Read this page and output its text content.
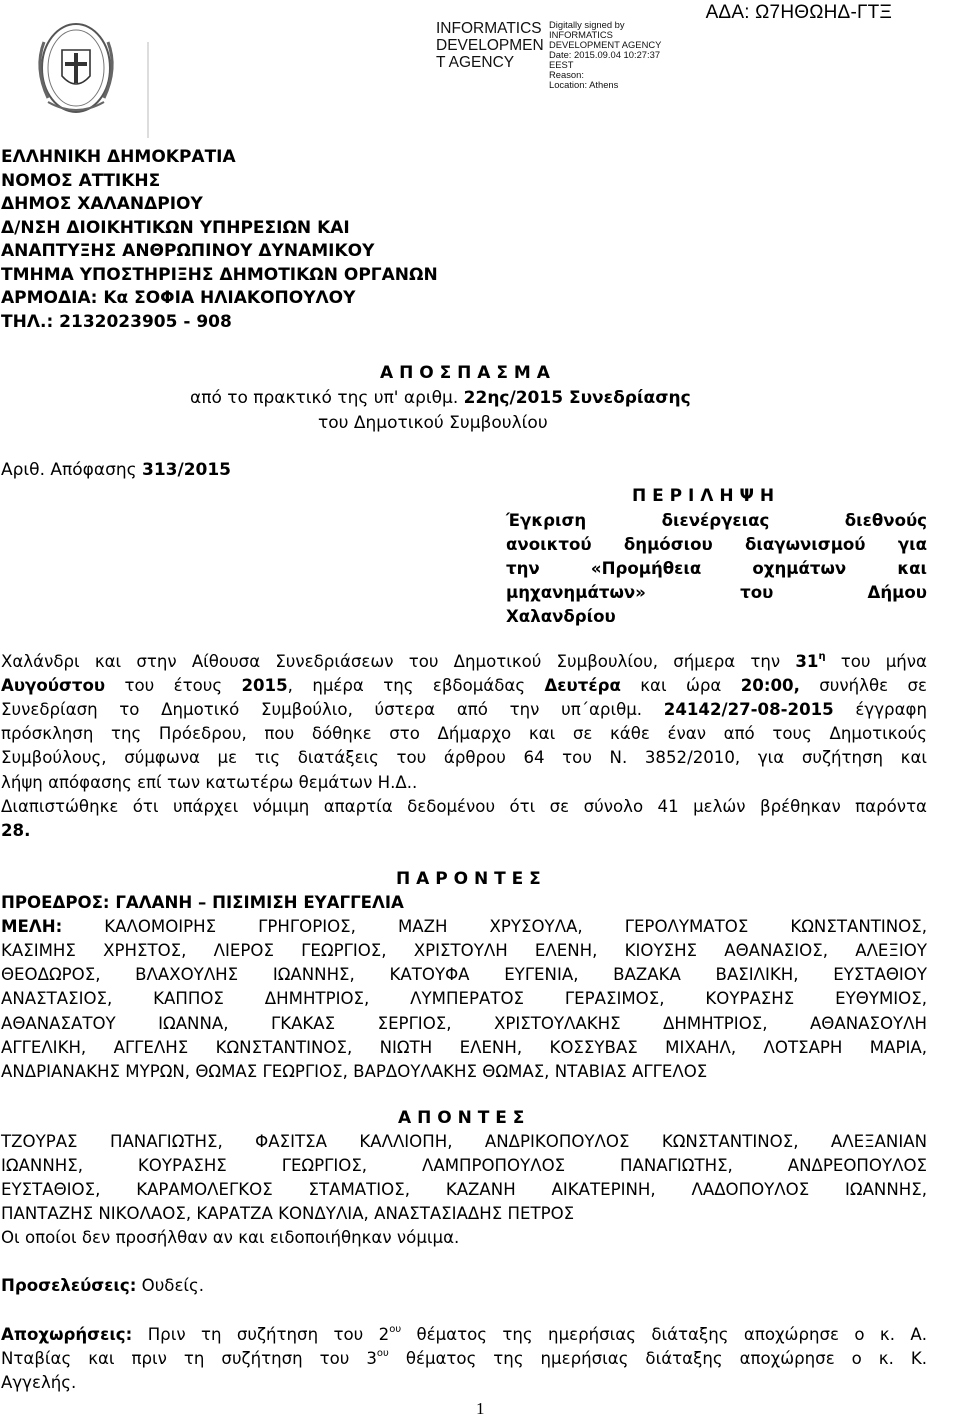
ΑΔΑ: Ω7ΗΘΩΗΔ-ΓΤΞ
INFORMATICS
DEVELOPMEN
T AGENCY
Digitally signed by
INFORMATICS
DEVELOPMENT AGENCY
Date: 2015.09.04 10:27:37
EEST
Reason:
Location: Athens
ΕΛΛΗΝΙΚΗ ΔΗΜΟΚΡΑΤΙΑ
ΝΟΜΟΣ ΑΤΤΙΚΗΣ
ΔΗΜΟΣ ΧΑΛΑΝΔΡΙΟΥ
Δ/ΝΣΗ ΔΙΟΙΚΗΤΙΚΩΝ ΥΠΗΡΕΣΙΩΝ ΚΑΙ
ΑΝΑΠΤΥΞΗΣ ΑΝΘΡΩΠΙΝΟΥ ΔΥΝΑΜΙΚΟΥ
ΤΜΗΜΑ ΥΠΟΣΤΗΡΙΞΗΣ ΔΗΜΟΤΙΚΩΝ ΟΡΓΑΝΩΝ
ΑΡΜΟΔΙΑ: Κα ΣΟΦΙΑ ΗΛΙΑΚΟΠΟΥΛΟΥ
ΤΗΛ.: 2132023905 - 908
Α Π Ο Σ Π Α Σ Μ Α
από το πρακτικό της υπ' αριθμ. 22ης/2015 Συνεδρίασης
του Δημοτικού Συμβουλίου
Αριθ. Απόφασης 313/2015
Π Ε Ρ Ι Λ Η Ψ Η
Έγκριση	διενέργειας	διεθνούς
ανοικτού δημόσιου διαγωνισμού για
την	«Προμήθεια	οχημάτων	και
μηχανημάτων»	του	Δήμου
Χαλανδρίου
Χαλάνδρι και στην Αίθουσα Συνεδριάσεων του Δημοτικού Συμβουλίου, σήμερα την $31^\eta$ του μήνα
Αυγούστου του έτους 2015, ημέρα της εβδομάδας Δευτέρα και ώρα 20:00, συνήλθε σε
Συνεδρίαση το Δημοτικό Συμβούλιο, ύστερα από την υπ΄αριθμ. 24142/27-08-2015 έγγραφη
πρόσκληση της Πρόεδρου, που δόθηκε στο Δήμαρχο και σε κάθε έναν από τους Δημοτικούς
Συμβούλους, σύμφωνα με τις διατάξεις του άρθρου 64 του Ν. 3852/2010, για συζήτηση και
λήψη απόφασης επί των κατωτέρω θεμάτων Η.Δ..
Διαπιστώθηκε ότι υπάρχει νόμιμη απαρτία δεδομένου ότι σε σύνολο 41 μελών βρέθηκαν παρόντα
28.
Π Α Ρ Ο Ν Τ Ε Σ
ΠΡΟΕΔΡΟΣ: ΓΑΛΑΝΗ – ΠΙΣΙΜΙΣΗ ΕΥΑΓΓΕΛΙΑ
ΜΕΛΗ: ΚΑΛΟΜΟΙΡΗΣ ΓΡΗΓΟΡΙΟΣ, ΜΑΖΗ ΧΡΥΣΟΥΛΑ, ΓΕΡΟΛΥΜΑΤΟΣ ΚΩΝΣΤΑΝΤΙΝΟΣ,
ΚΑΣΙΜΗΣ ΧΡΗΣΤΟΣ, ΛΙΕΡΟΣ ΓΕΩΡΓΙΟΣ, ΧΡΙΣΤΟΥΛΗ ΕΛΕΝΗ, ΚΙΟΥΣΗΣ ΑΘΑΝΑΣΙΟΣ, ΑΛΕΞΙΟΥ
ΘΕΟΔΩΡΟΣ, ΒΛΑΧΟΥΛΗΣ ΙΩΑΝΝΗΣ, ΚΑΤΟΥΦΑ ΕΥΓΕΝΙΑ, ΒΑΖΑΚΑ ΒΑΣΙΛΙΚΗ, ΕΥΣΤΑΘΙΟΥ
ΑΝΑΣΤΑΣΙΟΣ, ΚΑΠΠΟΣ ΔΗΜΗΤΡΙΟΣ, ΛΥΜΠΕΡΑΤΟΣ ΓΕΡΑΣΙΜΟΣ, ΚΟΥΡΑΣΗΣ ΕΥΘΥΜΙΟΣ,
ΑΘΑΝΑΣΑΤΟΥ ΙΩΑΝΝΑ, ΓΚΑΚΑΣ ΣΕΡΓΙΟΣ, ΧΡΙΣΤΟΥΛΑΚΗΣ ΔΗΜΗΤΡΙΟΣ, ΑΘΑΝΑΣΟΥΛΗ
ΑΓΓΕΛΙΚΗ, ΑΓΓΕΛΗΣ ΚΩΝΣΤΑΝΤΙΝΟΣ, ΝΙΩΤΗ ΕΛΕΝΗ, ΚΟΣΣΥΒΑΣ ΜΙΧΑΗΛ, ΛΟΤΣΑΡΗ ΜΑΡΙΑ,
ΑΝΔΡΙΑΝΑΚΗΣ ΜΥΡΩΝ, ΘΩΜΑΣ ΓΕΩΡΓΙΟΣ, ΒΑΡΔΟΥΛΑΚΗΣ ΘΩΜΑΣ, ΝΤΑΒΙΑΣ ΑΓΓΕΛΟΣ
Α Π Ο Ν Τ Ε Σ
ΤΖΟΥΡΑΣ ΠΑΝΑΓΙΩΤΗΣ, ΦΑΣΙΤΣΑ ΚΑΛΛΙΟΠΗ, ΑΝΔΡΙΚΟΠΟΥΛΟΣ ΚΩΝΣΤΑΝΤΙΝΟΣ, ΑΛΕΞΑΝΙΑΝ
ΙΩΑΝΝΗΣ, ΚΟΥΡΑΣΗΣ ΓΕΩΡΓΙΟΣ, ΛΑΜΠΡΟΠΟΥΛΟΣ ΠΑΝΑΓΙΩΤΗΣ, ΑΝΔΡΕΟΠΟΥΛΟΣ
ΕΥΣΤΑΘΙΟΣ, ΚΑΡΑΜΟΛΕΓΚΟΣ ΣΤΑΜΑΤΙΟΣ, ΚΑΖΑΝΗ ΑΙΚΑΤΕΡΙΝΗ, ΛΑΔΟΠΟΥΛΟΣ ΙΩΑΝΝΗΣ,
ΠΑΝΤΑΖΗΣ ΝΙΚΟΛΑΟΣ, ΚΑΡΑΤΖΑ ΚΟΝΔΥΛΙΑ, ΑΝΑΣΤΑΣΙΑΔΗΣ ΠΕΤΡΟΣ
Οι οποίοι δεν προσήλθαν αν και ειδοποιήθηκαν νόμιμα.
Προσελεύσεις: Ουδείς.
Αποχωρήσεις: Πριν τη συζήτηση του $2^{o\upsilon}$ θέματος της ημερήσιας διάταξης αποχώρησε ο κ. Α.
Νταβίας και πριν τη συζήτηση του $3^{o\upsilon}$ θέματος της ημερήσιας διάταξης αποχώρησε ο κ. Κ.
Αγγελής.
1
